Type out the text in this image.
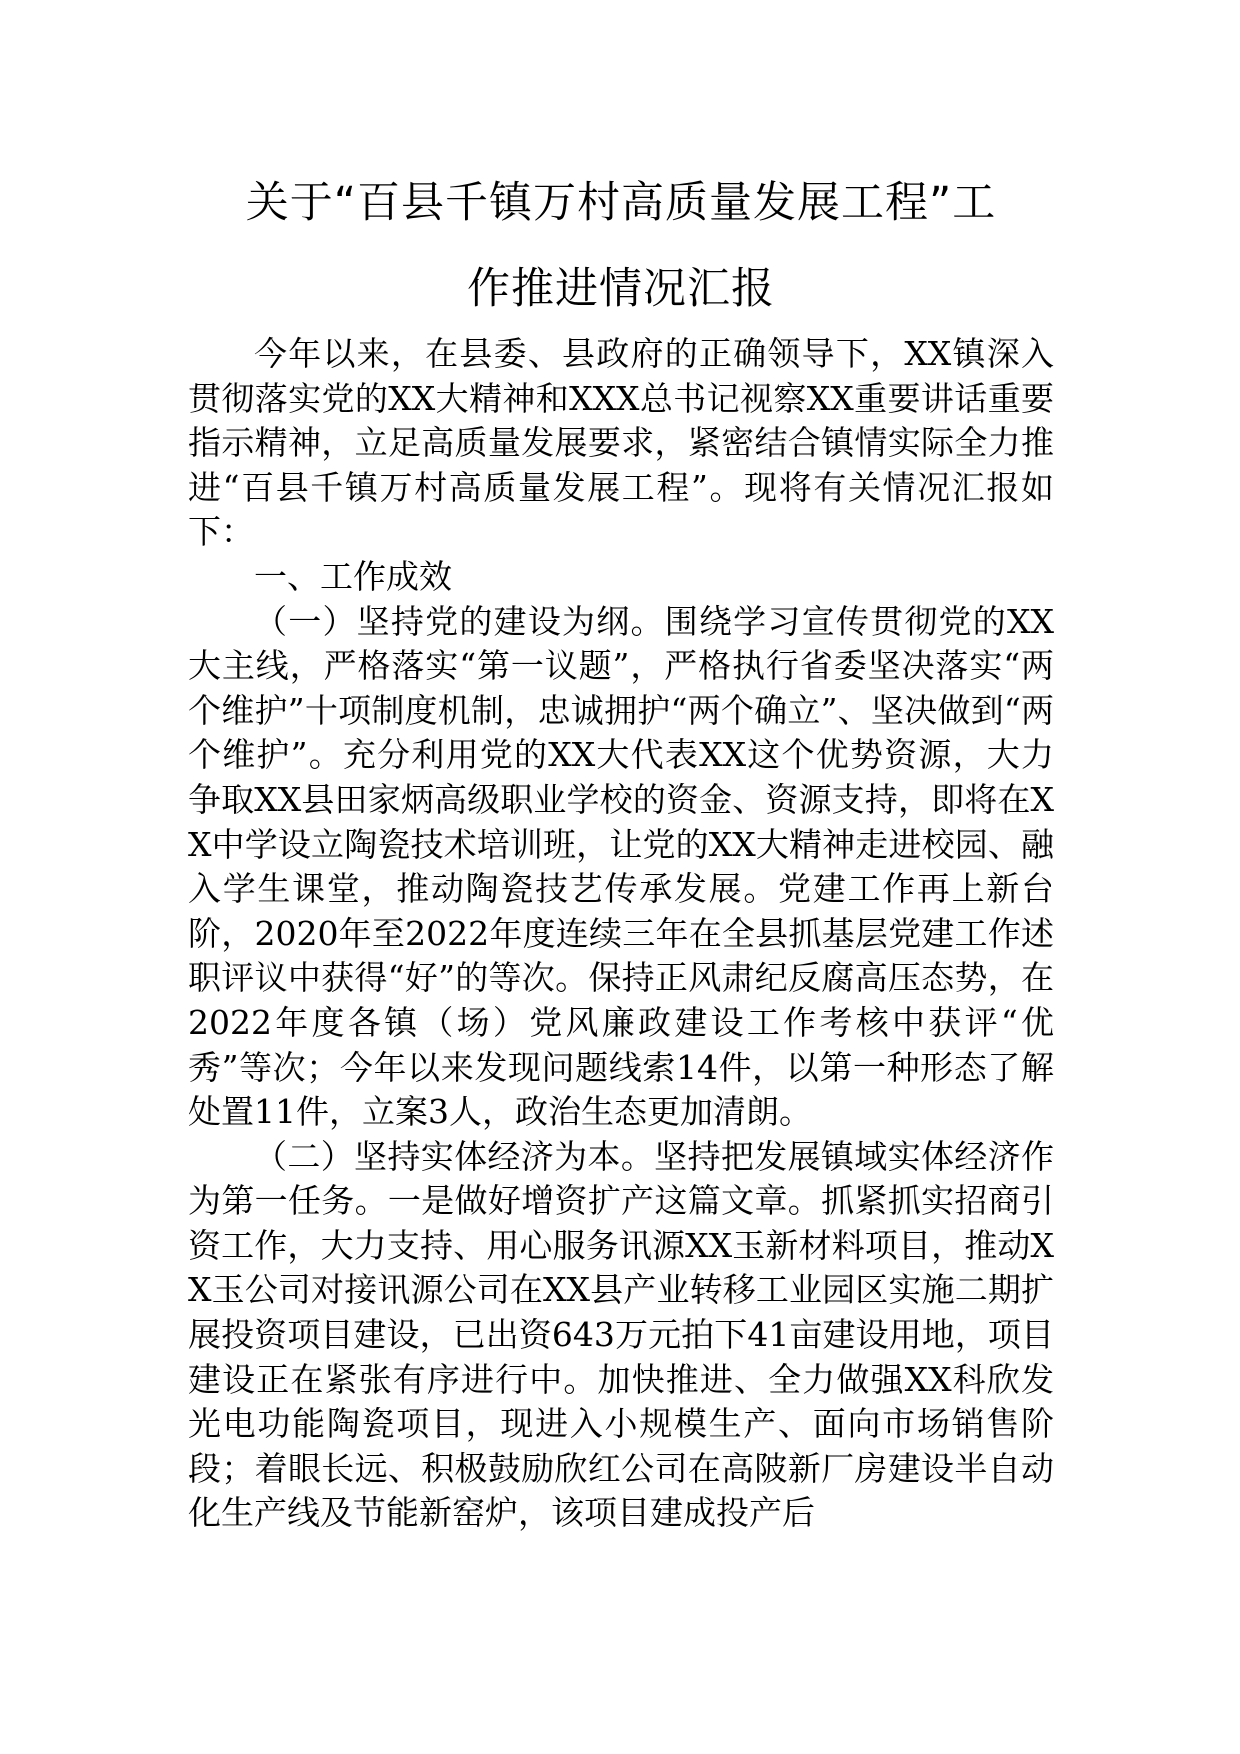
关于“百县千镇万村高质量发展工程”工
作推进情况汇报

今年以来，在县委、县政府的正确领导下，XX镇深入贯彻落实党的XX大精神和XXX总书记视察XX重要讲话重要指示精神，立足高质量发展要求，紧密结合镇情实际全力推进“百县千镇万村高质量发展工程”。现将有关情况汇报如下：

一、工作成效

（一）坚持党的建设为纲。围绕学习宣传贯彻党的XX大主线，严格落实“第一议题”，严格执行省委坚决落实“两个维护”十项制度机制，忠诚拥护“两个确立”、坚决做到“两个维护”。充分利用党的XX大代表XX这个优势资源，大力争取XX县田家炳高级职业学校的资金、资源支持，即将在XX中学设立陶瓷技术培训班，让党的XX大精神走进校园、融入学生课堂，推动陶瓷技艺传承发展。党建工作再上新台阶，2020年至2022年度连续三年在全县抓基层党建工作述职评议中获得“好”的等次。保持正风肃纪反腐高压态势，在2022年度各镇（场）党风廉政建设工作考核中获评“优秀”等次；今年以来发现问题线索14件，以第一种形态了解处置11件，立案3人，政治生态更加清朗。

（二）坚持实体经济为本。坚持把发展镇域实体经济作为第一任务。一是做好增资扩产这篇文章。抓紧抓实招商引资工作，大力支持、用心服务讯源XX玉新材料项目，推动XX玉公司对接讯源公司在XX县产业转移工业园区实施二期扩展投资项目建设，已出资643万元拍下41亩建设用地，项目建设正在紧张有序进行中。加快推进、全力做强XX科欣发光电功能陶瓷项目，现进入小规模生产、面向市场销售阶段；着眼长远、积极鼓励欣红公司在高陂新厂房建设半自动化生产线及节能新窑炉，该项目建成投产后
